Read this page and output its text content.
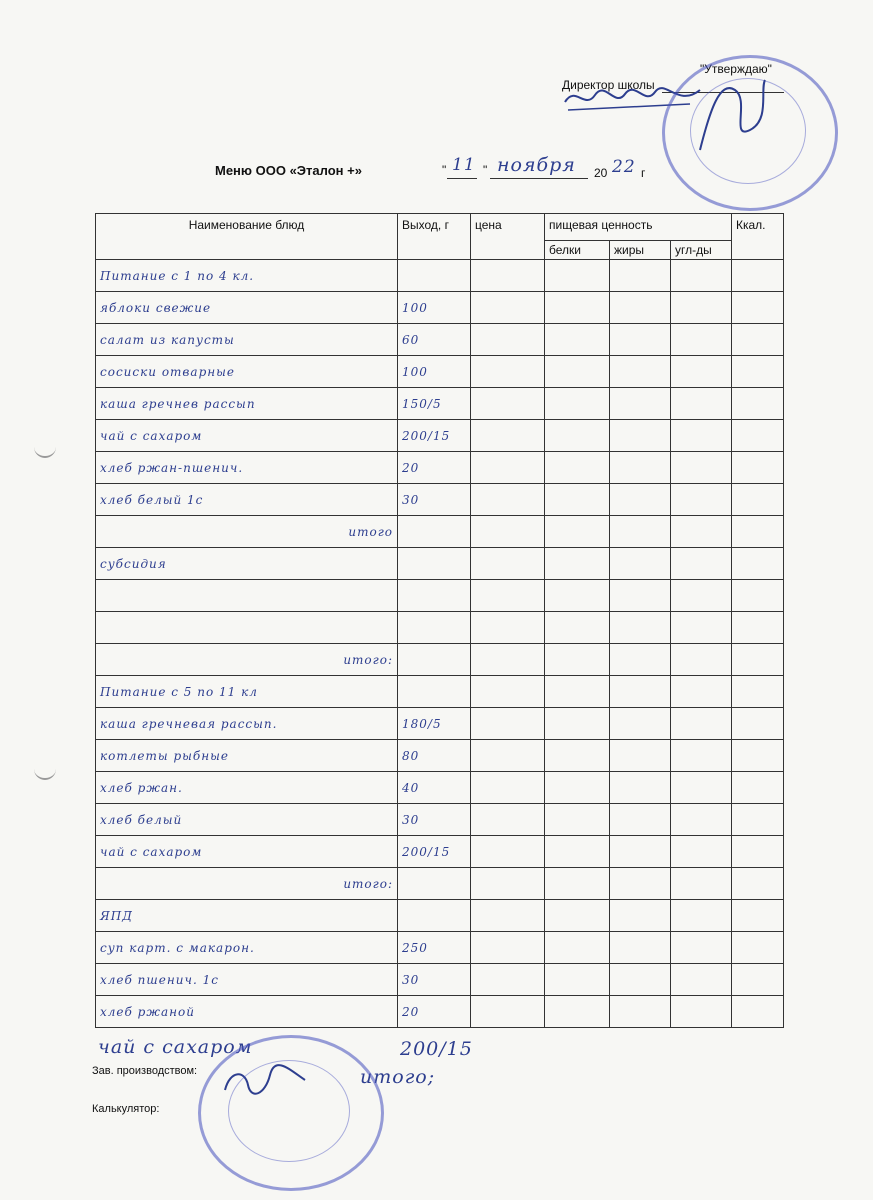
"Утверждаю"
Директор школы
Меню ООО «Эталон +»	" 11 " ноября 20 22 г
Наименование блюд	Выход, г	цена	пищевая ценность			Ккал.
			белки	жиры	угл-ды	
Питание с 1 по 4 кл.						
яблоки свежие	100					
салат из капусты	60					
сосиски отварные	100					
каша гречнев рассып	150/5					
чай с сахаром	200/15					
хлеб ржан-пшенич.	20					
хлеб белый 1с	30					
итого						
субсидия						

итого:						
Питание с 5 по 11 кл						
каша гречневая рассып.	180/5					
котлеты рыбные	80					
хлеб ржан.	40					
хлеб белый	30					
чай с сахаром	200/15					
итого:						
ЯПД						
суп карт. с макарон.	250					
хлеб пшенич. 1с	30					
хлеб ржаной	20					
чай с сахаром	200/15
итого;
Зав. производством:
Калькулятор:
